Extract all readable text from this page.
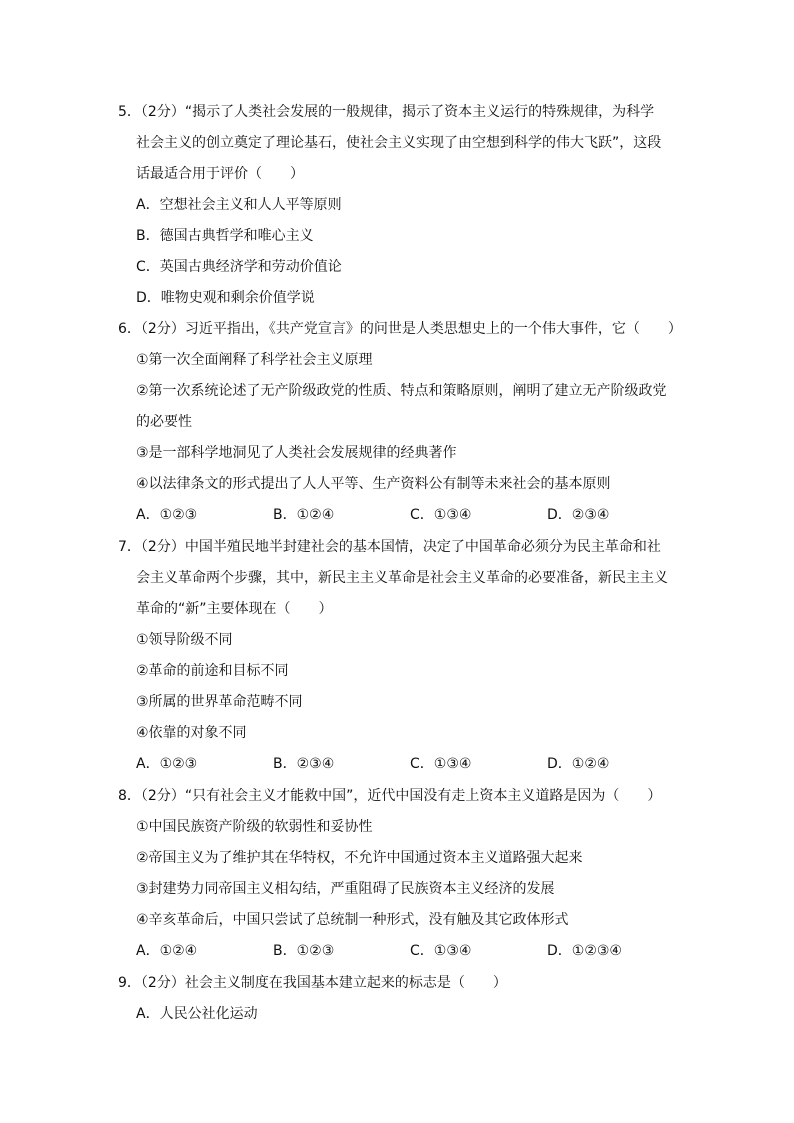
5．（2分）“揭示了人类社会发展的一般规律，揭示了资本主义运行的特殊规律，为科学
社会主义的创立奠定了理论基石，使社会主义实现了由空想到科学的伟大飞跃”，这段
话最适合用于评价（　　）
A．空想社会主义和人人平等原则
B．德国古典哲学和唯心主义
C．英国古典经济学和劳动价值论
D．唯物史观和剩余价值学说
6．（2分）习近平指出，《共产党宣言》的问世是人类思想史上的一个伟大事件，它（　　）
①第一次全面阐释了科学社会主义原理
②第一次系统论述了无产阶级政党的性质、特点和策略原则，阐明了建立无产阶级政党
的必要性
③是一部科学地洞见了人类社会发展规律的经典著作
④以法律条文的形式提出了人人平等、生产资料公有制等未来社会的基本原则
A．①②③	B．①②④	C．①③④	D．②③④
7．（2分）中国半殖民地半封建社会的基本国情，决定了中国革命必须分为民主革命和社
会主义革命两个步骤，其中，新民主主义革命是社会主义革命的必要准备，新民主主义
革命的“新”主要体现在（　　）
①领导阶级不同
②革命的前途和目标不同
③所属的世界革命范畴不同
④依靠的对象不同
A．①②③	B．②③④	C．①③④	D．①②④
8．（2分）“只有社会主义才能救中国”，近代中国没有走上资本主义道路是因为（　　）
①中国民族资产阶级的软弱性和妥协性
②帝国主义为了维护其在华特权，不允许中国通过资本主义道路强大起来
③封建势力同帝国主义相勾结，严重阻碍了民族资本主义经济的发展
④辛亥革命后，中国只尝试了总统制一种形式，没有触及其它政体形式
A．①②④	B．①②③	C．①③④	D．①②③④
9．（2分）社会主义制度在我国基本建立起来的标志是（　　）
A．人民公社化运动
